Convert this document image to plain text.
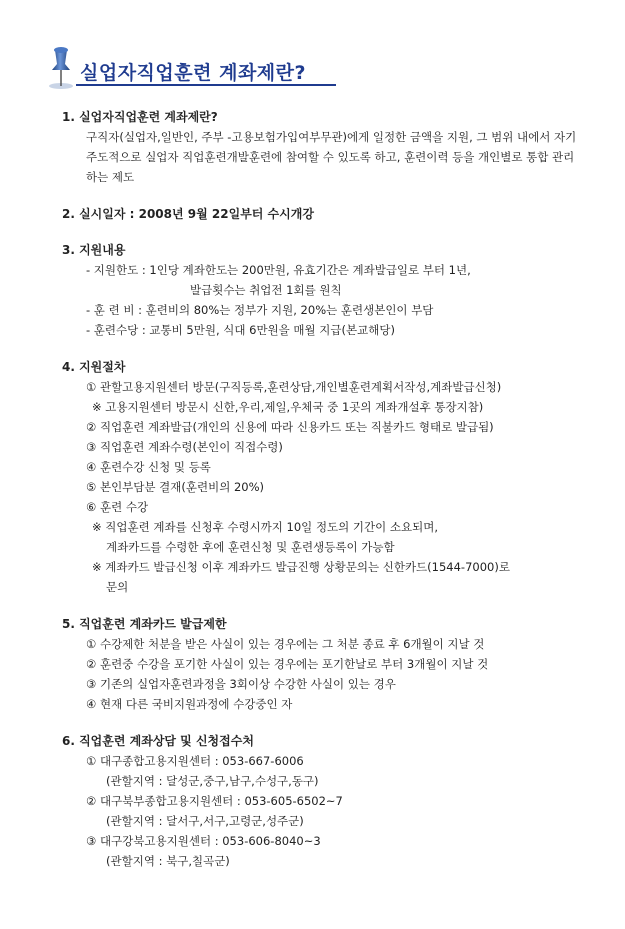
실업자직업훈련 계좌제란?
1. 실업자직업훈련 계좌제란?
구직자(실업자,일반인, 주부 -고용보험가입여부무관)에게 일정한 금액을 지원, 그 범위 내에서 자기주도적으로 실업자 직업훈련개발훈련에 참여할 수 있도록 하고, 훈련이력 등을 개인별로 통합 관리하는 제도
2. 실시일자 : 2008년 9월 22일부터 수시개강
3. 지원내용
- 지원한도 : 1인당 계좌한도는 200만원, 유효기간은 계좌발급일로 부터 1년,
발급횟수는 취업전 1회를 원칙
- 훈 련 비 : 훈련비의 80%는 정부가 지원, 20%는 훈련생본인이 부담
- 훈련수당 : 교통비 5만원, 식대 6만원을 매월 지급(본교해당)
4. 지원절차
① 관할고용지원센터 방문(구직등록,훈련상담,개인별훈련계획서작성,계좌발급신청)
※ 고용지원센터 방문시 신한,우리,제일,우체국 중 1곳의 계좌개설후 통장지참)
② 직업훈련 계좌발급(개인의 신용에 따라 신용카드 또는 직불카드 형태로 발급됨)
③ 직업훈련 계좌수령(본인이 직접수령)
④ 훈련수강 신청 및 등록
⑤ 본인부담분 결재(훈련비의 20%)
⑥ 훈련 수강
※ 직업훈련 계좌를 신청후 수령시까지 10일 정도의 기간이 소요되며,
계좌카드를 수령한 후에 훈련신청 및 훈련생등록이 가능함
※ 계좌카드 발급신청 이후 계좌카드 발급진행 상황문의는 신한카드(1544-7000)로
문의
5. 직업훈련 계좌카드 발급제한
① 수강제한 처분을 받은 사실이 있는 경우에는 그 처분 종료 후 6개월이 지날 것
② 훈련중 수강을 포기한 사실이 있는 경우에는 포기한날로 부터 3개월이 지날 것
③ 기존의 실업자훈련과정을 3회이상 수강한 사실이 있는 경우
④ 현재 다른 국비지원과정에 수강중인 자
6. 직업훈련 계좌상담 및 신청접수처
① 대구종합고용지원센터 : 053-667-6006
(관할지역 : 달성군,중구,남구,수성구,동구)
② 대구북부종합고용지원센터 : 053-605-6502~7
(관할지역 : 달서구,서구,고령군,성주군)
③ 대구강북고용지원센터 : 053-606-8040~3
(관할지역 : 북구,칠곡군)
